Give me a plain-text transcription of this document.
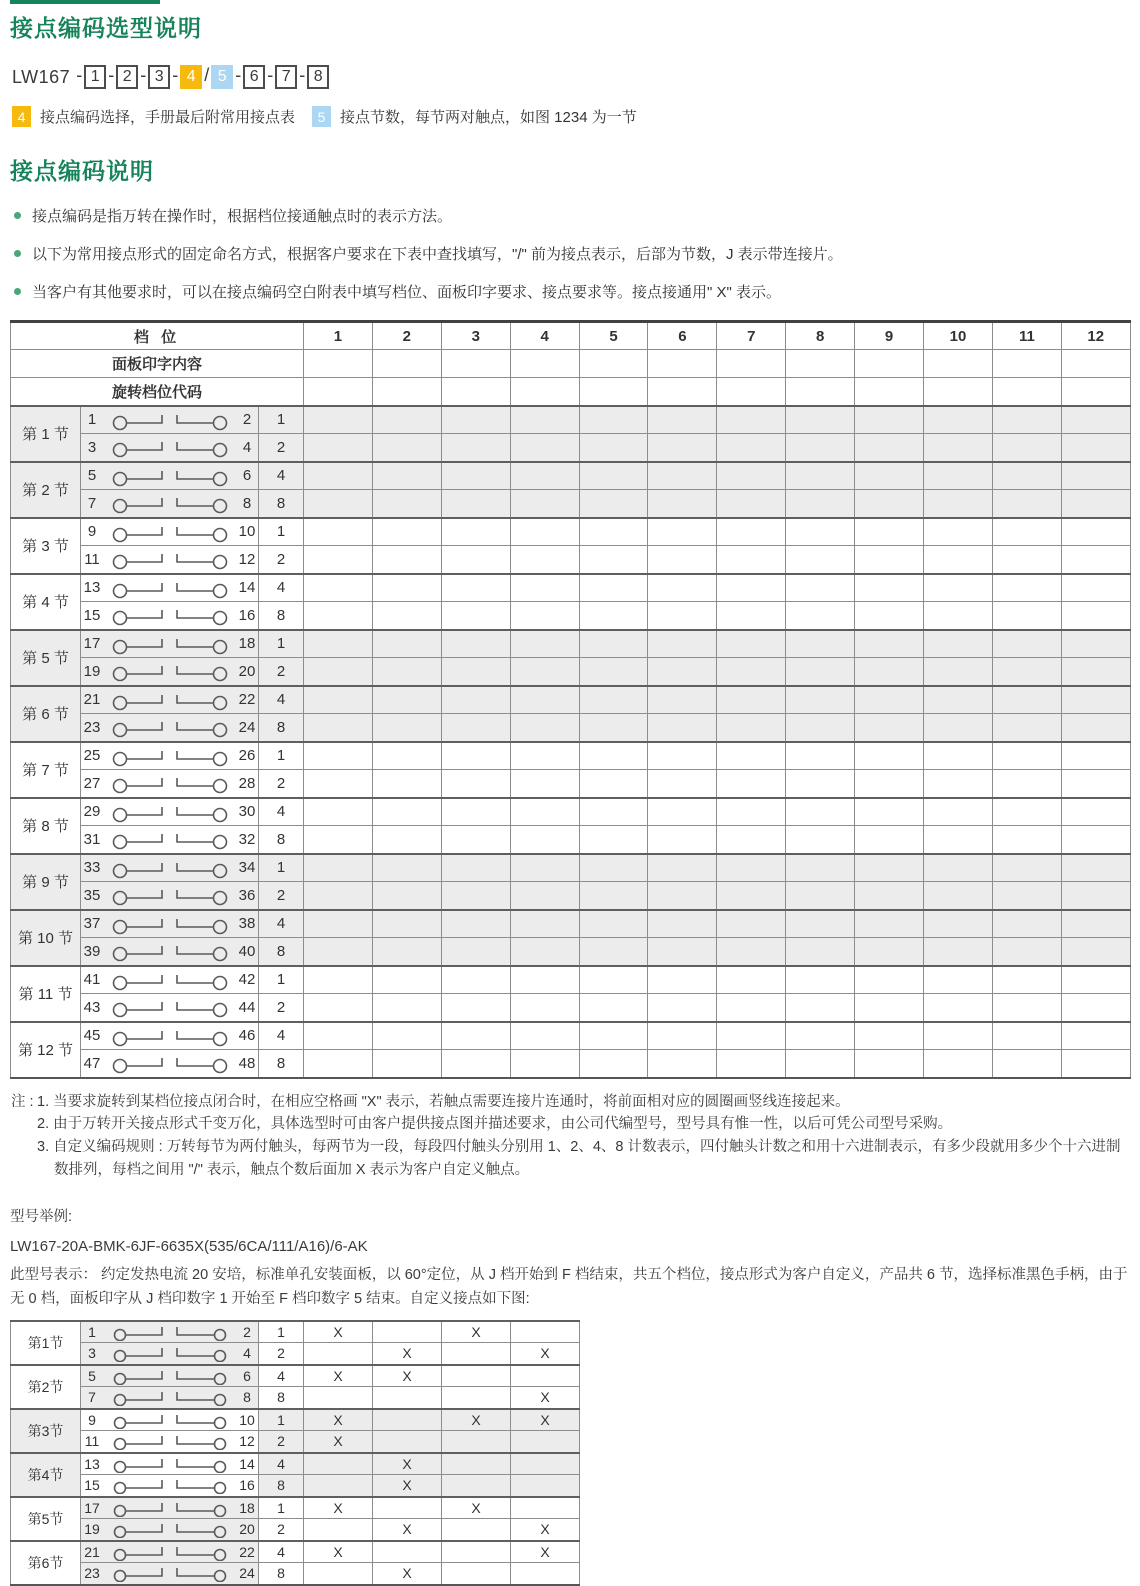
接点编码选型说明
LW167 - 1 - 2 - 3 - 4 / 5 - 6 - 7 - 8
4 接点编码选择，手册最后附常用接点表	5 接点节数，每节两对触点，如图 1234 为一节
接点编码说明
接点编码是指万转在操作时，根据档位接通触点时的表示方法。
以下为常用接点形式的固定命名方式，根据客户要求在下表中查找填写，"/" 前为接点表示，后部为节数，J 表示带连接片。
当客户有其他要求时，可以在接点编码空白附表中填写档位、面板印字要求、接点要求等。接点接通用" X" 表示。
档 位			1	2	3	4	5	6	7	8	9	10	11	12
面板印字内容														
旋转档位代码														
第 1 节	1 2	1												

	3 4	2												
第 2 节	5 6	4												

	7 8	8												
第 3 节	9 10	1												

	11 12	2												
第 4 节	13 14	4												

	15 16	8												
第 5 节	17 18	1												

	19 20	2												
第 6 节	21 22	4												

	23 24	8												
第 7 节	25 26	1												

	27 28	2												
第 8 节	29 30	4												

	31 32	8												
第 9 节	33 34	1												

	35 36	2												
第 10 节	37 38	4												

	39 40	8												
第 11 节	41 42	1												

	43 44	2												
第 12 节	45 46	4												

	47 48	8												
注 : 1. 当要求旋转到某档位接点闭合时，在相应空格画 "X" 表示，若触点需要连接片连通时，将前面相对应的圆圈画竖线连接起来。
2. 由于万转开关接点形式千变万化，具体选型时可由客户提供接点图并描述要求，由公司代编型号，型号具有惟一性，以后可凭公司型号采购。
3. 自定义编码规则 : 万转每节为两付触头，每两节为一段，每段四付触头分别用 1、2、4、8 计数表示，四付触头计数之和用十六进制表示，有多少段就用多少个十六进制数排列，每档之间用 "/" 表示，触点个数后面加 X 表示为客户自定义触点。
型号举例:
LW167-20A-BMK-6JF-6635X(535/6CA/111/A16)/6-AK
此型号表示： 约定发热电流 20 安培，标准单孔安装面板，以 60°定位，从 J 档开始到 F 档结束，共五个档位，接点形式为客户自定义，产品共 6 节，选择标准黑色手柄，由于无 0 档，面板印字从 J 档印数字 1 开始至 F 档印数字 5 结束。自定义接点如下图:
第1节	1 2	1	X		X	

	3 4	2		X		X
第2节	5 6	4	X	X		

	7 8	8				X
第3节	9 10	1	X		X	X

	11 12	2	X			
第4节	13 14	4		X		

	15 16	8		X		
第5节	17 18	1	X		X	

	19 20	2		X		X
第6节	21 22	4	X			X

	23 24	8		X		
